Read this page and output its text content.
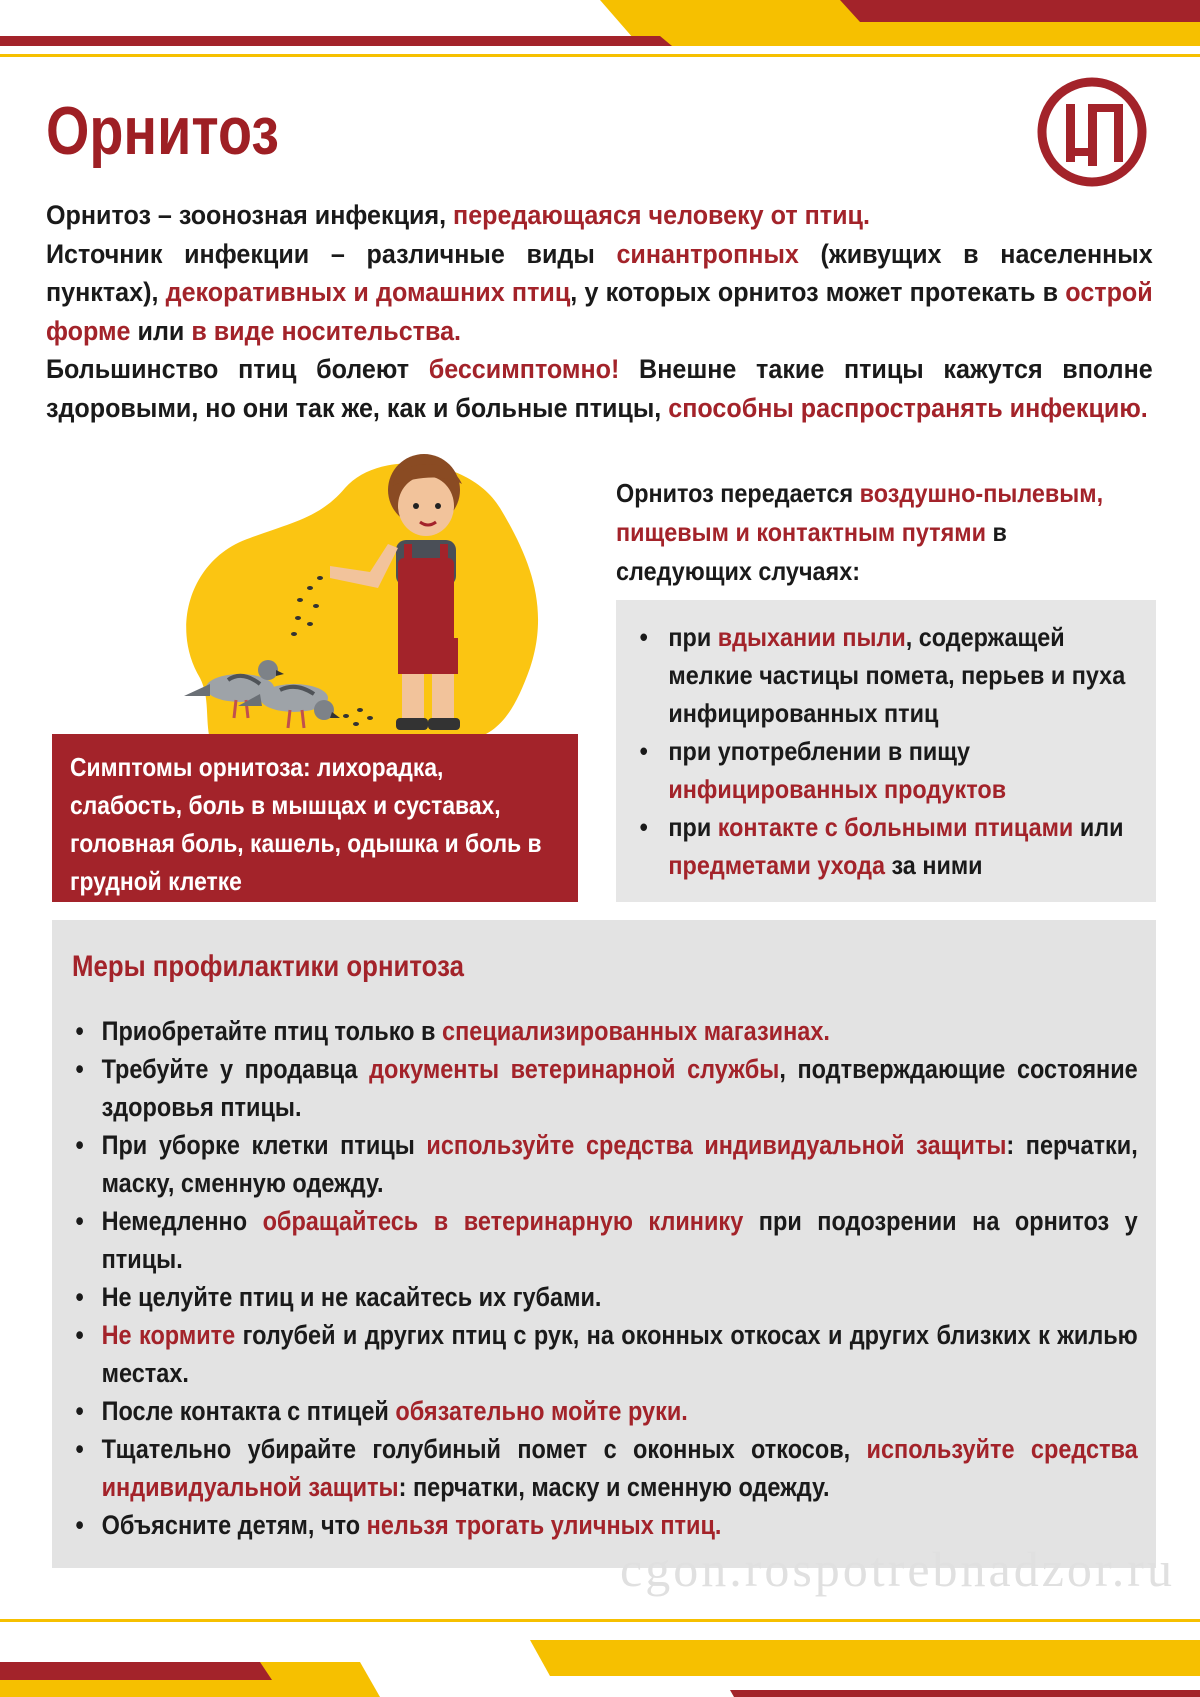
Орнитоз

Орнитоз – зоонозная инфекция, передающаяся человеку от птиц.

Источник инфекции – различные виды синантропных (живущих в населенных пунктах), декоративных и домашних птиц, у которых орнитоз может протекать в острой форме или в виде носительства.

Большинство птиц болеют бессимптомно! Внешне такие птицы кажутся вполне здоровыми, но они так же, как и больные птицы, способны распространять инфекцию.

Орнитоз передается воздушно-пылевым, пищевым и контактным путями в следующих случаях:
• при вдыхании пыли, содержащей мелкие частицы помета, перьев и пуха инфицированных птиц
• при употреблении в пищу инфицированных продуктов
• при контакте с больными птицами или предметами ухода за ними
Симптомы орнитоза: лихорадка, слабость, боль в мышцах и суставах, головная боль, кашель, одышка и боль в грудной клетке
Меры профилактики орнитоза
• Приобретайте птиц только в специализированных магазинах.
• Требуйте у продавца документы ветеринарной службы, подтверждающие состояние здоровья птицы.
• При уборке клетки птицы используйте средства индивидуальной защиты: перчатки, маску, сменную одежду.
• Немедленно обращайтесь в ветеринарную клинику при подозрении на орнитоз у птицы.
• Не целуйте птиц и не касайтесь их губами.
• Не кормите голубей и других птиц с рук, на оконных откосах и других близких к жилью местах.
• После контакта с птицей обязательно мойте руки.
• Тщательно убирайте голубиный помет с оконных откосов, используйте средства индивидуальной защиты: перчатки, маску и сменную одежду.
• Объясните детям, что нельзя трогать уличных птиц.
cgon.rospotrebnadzor.ru
